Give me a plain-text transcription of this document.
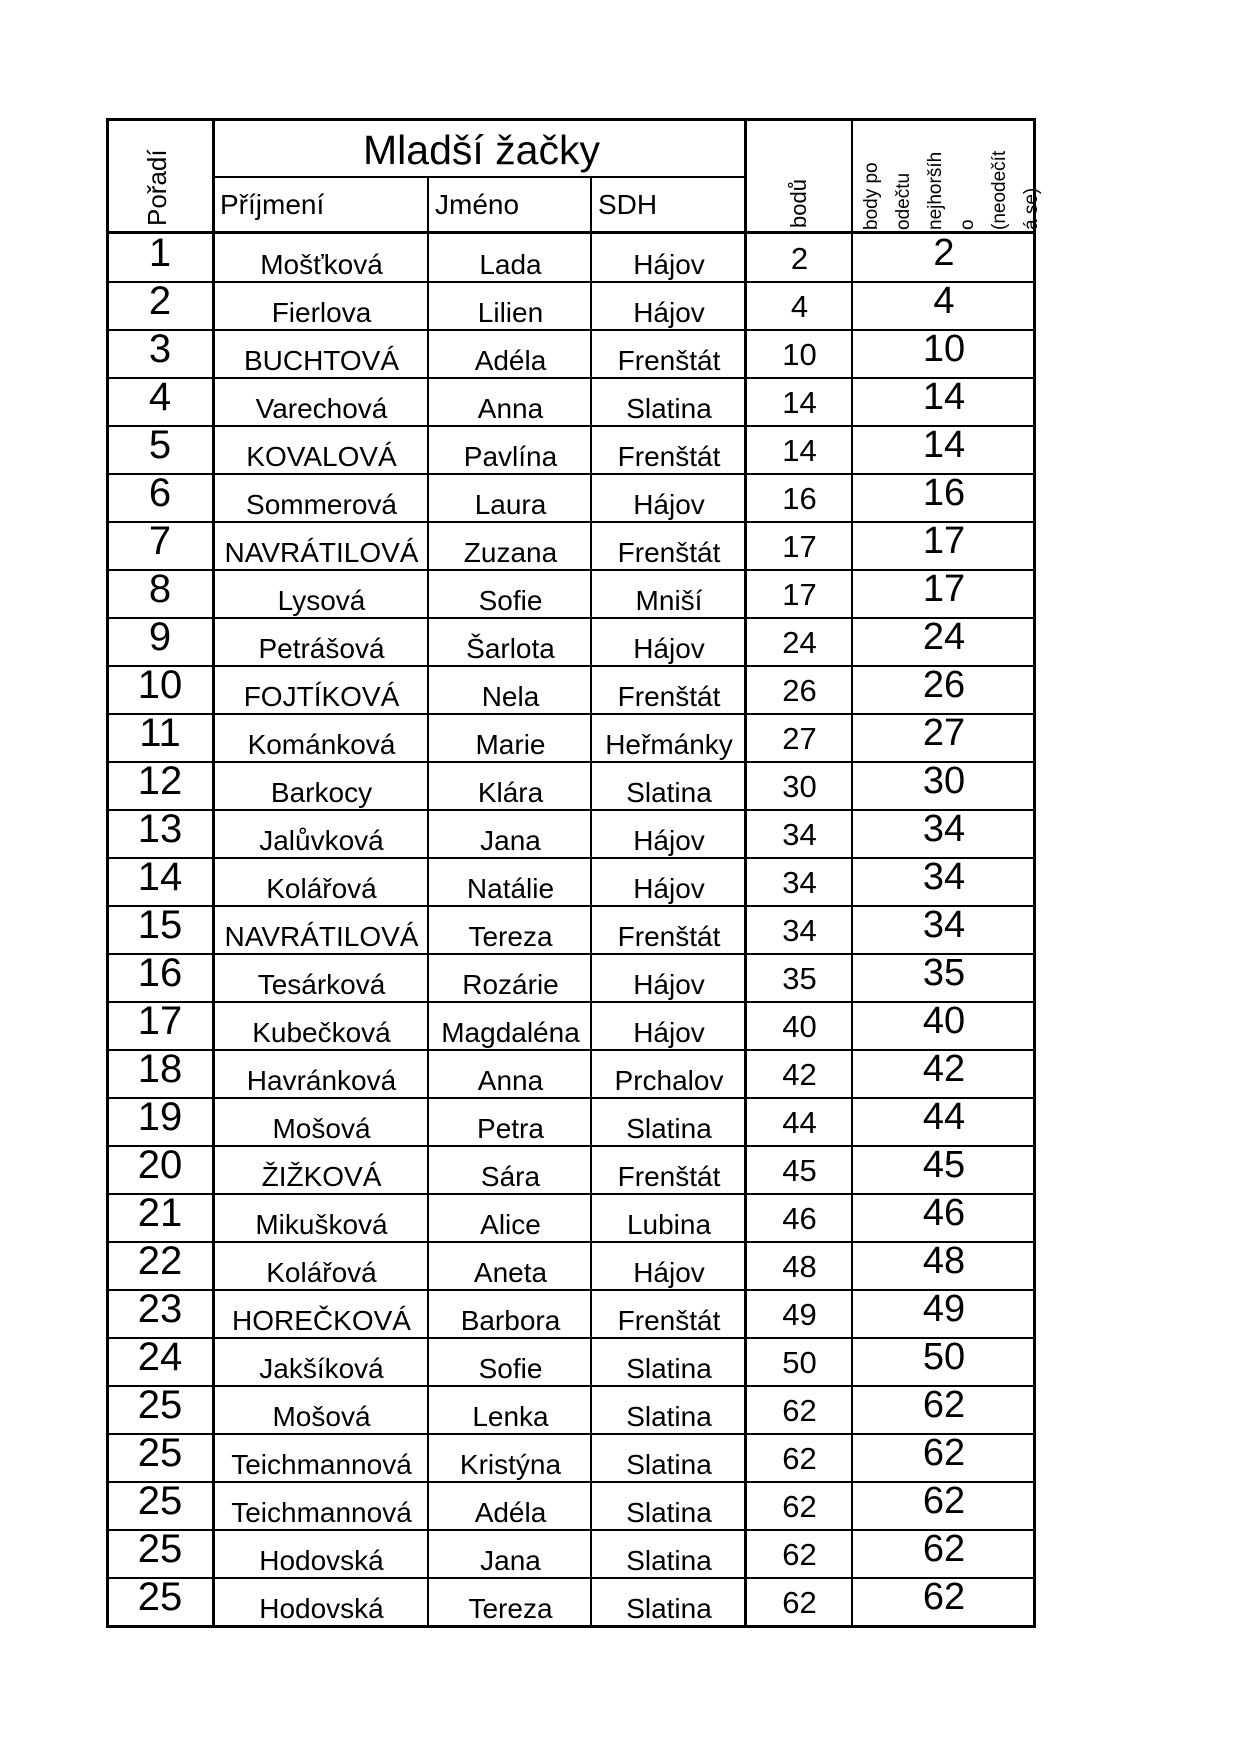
Mladší žačky
Příjmení	Jméno	SDH
Pořadí	bodů	body po odečtu nejhoršíh o (neodečít á se)
1	Mošťková	Lada	Hájov	2	2
2	Fierlova	Lilien	Hájov	4	4
3	BUCHTOVÁ	Adéla	Frenštát	10	10
4	Varechová	Anna	Slatina	14	14
5	KOVALOVÁ	Pavlína	Frenštát	14	14
6	Sommerová	Laura	Hájov	16	16
7	NAVRÁTILOVÁ	Zuzana	Frenštát	17	17
8	Lysová	Sofie	Mniší	17	17
9	Petrášová	Šarlota	Hájov	24	24
10	FOJTÍKOVÁ	Nela	Frenštát	26	26
11	Kománková	Marie	Heřmánky	27	27
12	Barkocy	Klára	Slatina	30	30
13	Jalůvková	Jana	Hájov	34	34
14	Kolářová	Natálie	Hájov	34	34
15	NAVRÁTILOVÁ	Tereza	Frenštát	34	34
16	Tesárková	Rozárie	Hájov	35	35
17	Kubečková	Magdaléna	Hájov	40	40
18	Havránková	Anna	Prchalov	42	42
19	Mošová	Petra	Slatina	44	44
20	ŽIŽKOVÁ	Sára	Frenštát	45	45
21	Mikušková	Alice	Lubina	46	46
22	Kolářová	Aneta	Hájov	48	48
23	HOREČKOVÁ	Barbora	Frenštát	49	49
24	Jakšíková	Sofie	Slatina	50	50
25	Mošová	Lenka	Slatina	62	62
25	Teichmannová	Kristýna	Slatina	62	62
25	Teichmannová	Adéla	Slatina	62	62
25	Hodovská	Jana	Slatina	62	62
25	Hodovská	Tereza	Slatina	62	62
